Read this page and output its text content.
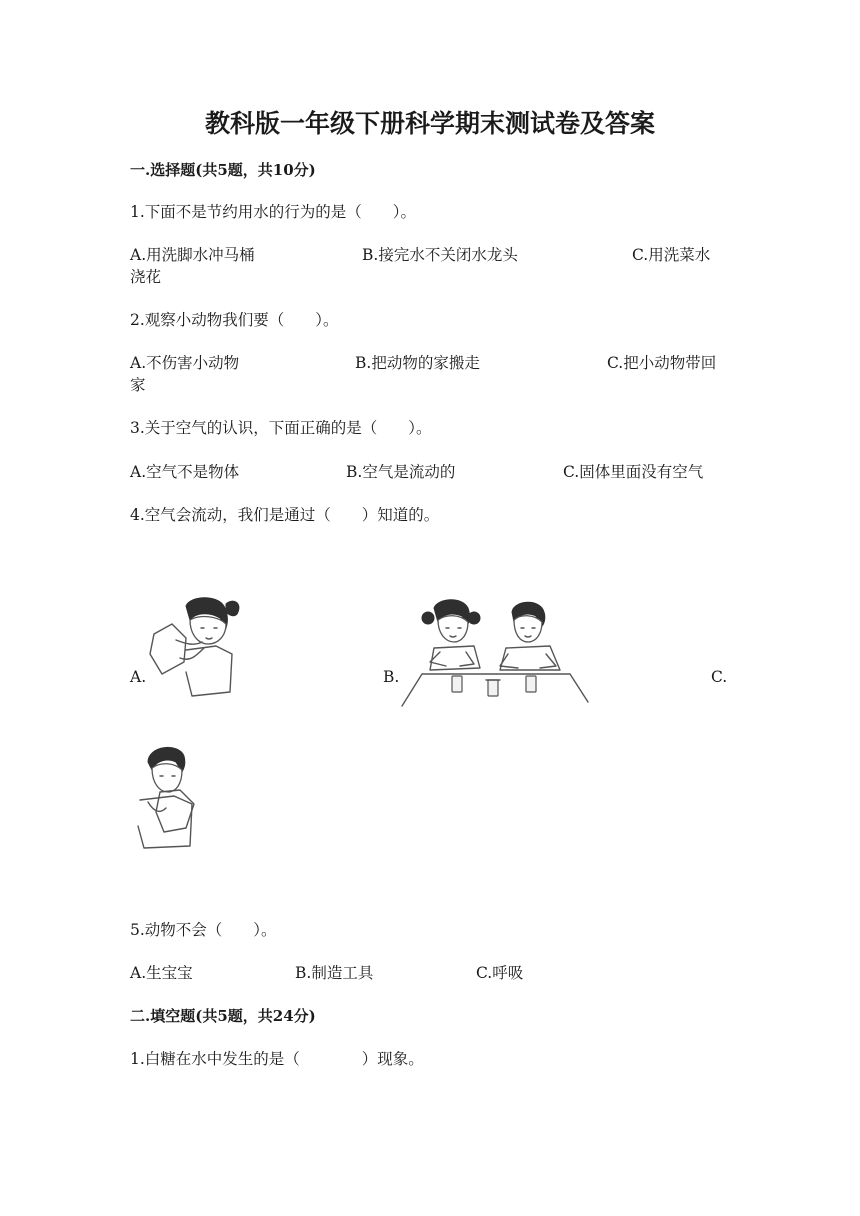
教科版一年级下册科学期末测试卷及答案
一.选择题(共5题，共10分)
1.下面不是节约用水的行为的是（　　）。
A.用洗脚水冲马桶	B.接完水不关闭水龙头	C.用洗菜水
浇花
2.观察小动物我们要（　　）。
A.不伤害小动物	B.把动物的家搬走	C.把小动物带回
家
3.关于空气的认识，下面正确的是（　　）。
A.空气不是物体	B.空气是流动的	C.固体里面没有空气
4.空气会流动，我们是通过（　　）知道的。
A.	B.	C.
5.动物不会（　　）。
A.生宝宝	B.制造工具	C.呼吸
二.填空题(共5题，共24分)
1.白糖在水中发生的是（　　　　）现象。
